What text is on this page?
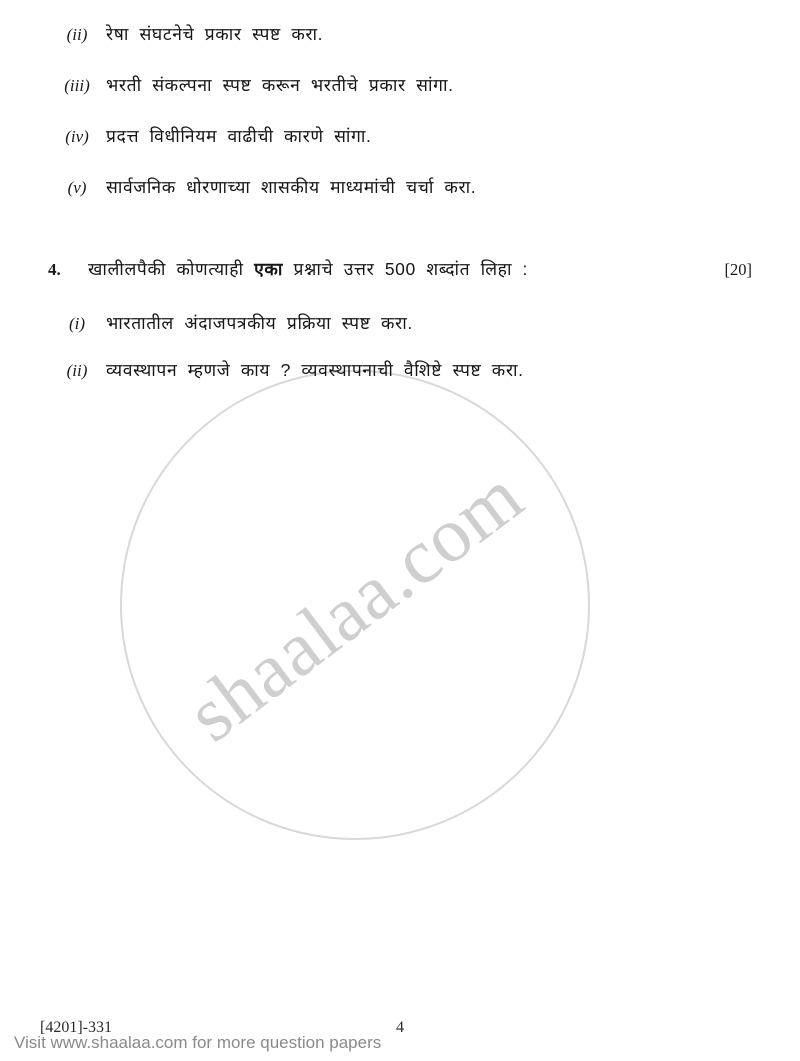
shaalaa.com
(ii)	रेषा संघटनेचे प्रकार स्पष्ट करा.
(iii) भरती संकल्पना स्पष्ट करून भरतीचे प्रकार सांगा.
(iv) प्रदत्त विधीनियम वाढीची कारणे सांगा.
(v)	सार्वजनिक धोरणाच्या शासकीय माध्यमांची चर्चा करा.
4.	खालीलपैकी कोणत्याही एका प्रश्नाचे उत्तर 500 शब्दांत लिहा :	[20]
(i)	भारतातील अंदाजपत्रकीय प्रक्रिया स्पष्ट करा.
(ii)	व्यवस्थापन म्हणजे काय ? व्यवस्थापनाची वैशिष्टे स्पष्ट करा.
[4201]-331	4
Visit www.shaalaa.com for more question papers
